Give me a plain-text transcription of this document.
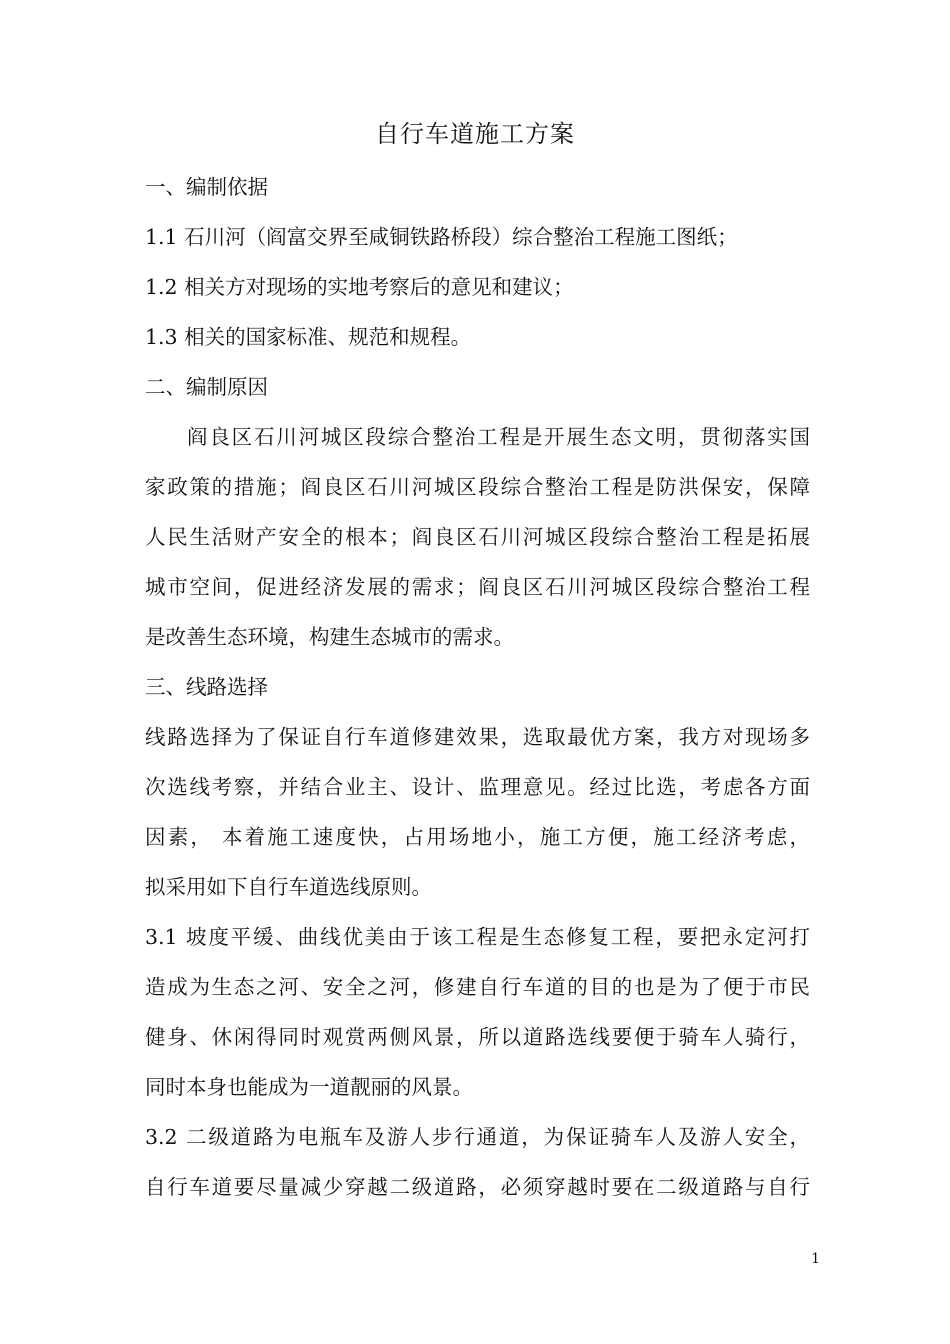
自行车道施工方案
一、编制依据
1.1 石川河（阎富交界至咸铜铁路桥段）综合整治工程施工图纸；
1.2 相关方对现场的实地考察后的意见和建议；
1.3 相关的国家标准、规范和规程。
二、编制原因
阎良区石川河城区段综合整治工程是开展生态文明，贯彻落实国
家政策的措施；阎良区石川河城区段综合整治工程是防洪保安，保障
人民生活财产安全的根本；阎良区石川河城区段综合整治工程是拓展
城市空间，促进经济发展的需求；阎良区石川河城区段综合整治工程
是改善生态环境，构建生态城市的需求。
三、线路选择
线路选择为了保证自行车道修建效果，选取最优方案，我方对现场多
次选线考察，并结合业主、设计、监理意见。经过比选，考虑各方面
因素， 本着施工速度快，占用场地小，施工方便，施工经济考虑，
拟采用如下自行车道选线原则。
3.1 坡度平缓、曲线优美由于该工程是生态修复工程，要把永定河打
造成为生态之河、安全之河，修建自行车道的目的也是为了便于市民
健身、休闲得同时观赏两侧风景，所以道路选线要便于骑车人骑行，
同时本身也能成为一道靓丽的风景。
3.2 二级道路为电瓶车及游人步行通道，为保证骑车人及游人安全，
自行车道要尽量减少穿越二级道路，必须穿越时要在二级道路与自行
1
